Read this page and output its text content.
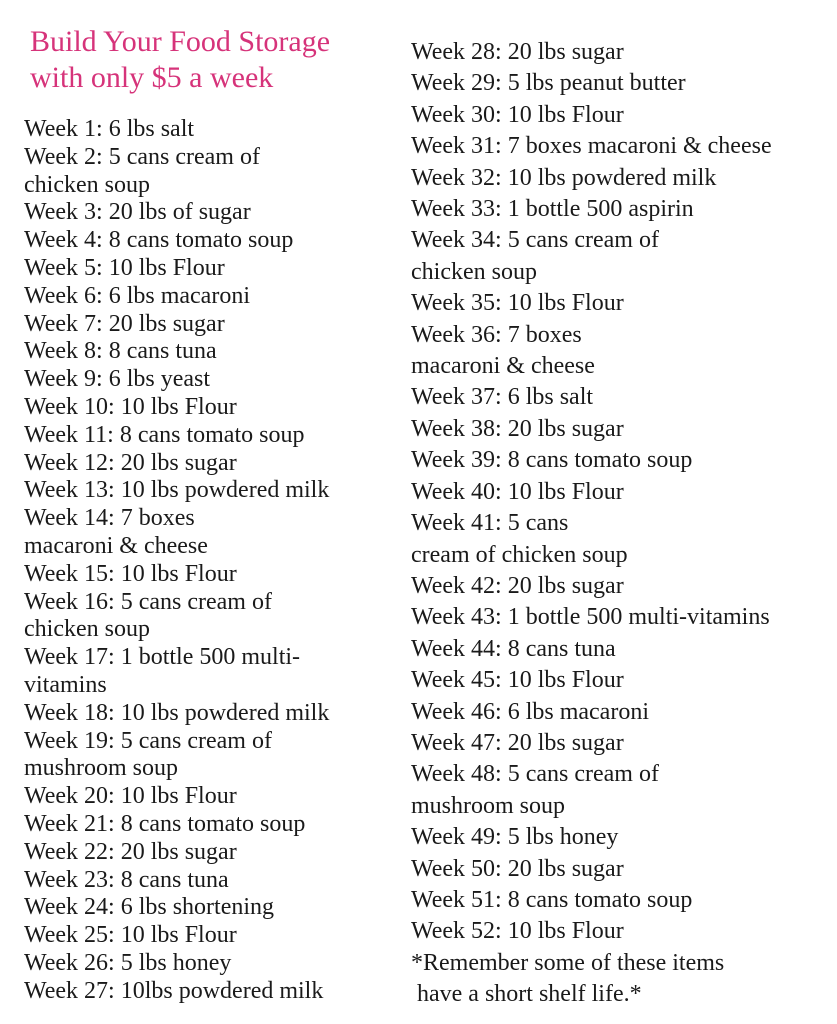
Build Your Food Storage
with only $5 a week
Week 1: 6 lbs salt
Week 2: 5 cans cream of
chicken soup
Week 3: 20 lbs of sugar
Week 4: 8 cans tomato soup
Week 5: 10 lbs Flour
Week 6: 6 lbs macaroni
Week 7: 20 lbs sugar
Week 8: 8 cans tuna
Week 9: 6 lbs yeast
Week 10: 10 lbs Flour
Week 11: 8 cans tomato soup
Week 12: 20 lbs sugar
Week 13: 10 lbs powdered milk
Week 14: 7 boxes
macaroni & cheese
Week 15: 10 lbs Flour
Week 16: 5 cans cream of
chicken soup
Week 17: 1 bottle 500 multi-
vitamins
Week 18: 10 lbs powdered milk
Week 19: 5 cans cream of
mushroom soup
Week 20: 10 lbs Flour
Week 21: 8 cans tomato soup
Week 22: 20 lbs sugar
Week 23: 8 cans tuna
Week 24: 6 lbs shortening
Week 25: 10 lbs Flour
Week 26: 5 lbs honey
Week 27: 10lbs powdered milk
Week 28: 20 lbs sugar
Week 29: 5 lbs peanut butter
Week 30: 10 lbs Flour
Week 31: 7 boxes macaroni & cheese
Week 32: 10 lbs powdered milk
Week 33: 1 bottle 500 aspirin
Week 34: 5 cans cream of
chicken soup
Week 35: 10 lbs Flour
Week 36: 7 boxes
macaroni & cheese
Week 37: 6 lbs salt
Week 38: 20 lbs sugar
Week 39: 8 cans tomato soup
Week 40: 10 lbs Flour
Week 41: 5 cans
cream of chicken soup
Week 42: 20 lbs sugar
Week 43: 1 bottle 500 multi-vitamins
Week 44: 8 cans tuna
Week 45: 10 lbs Flour
Week 46: 6 lbs macaroni
Week 47: 20 lbs sugar
Week 48: 5 cans cream of
mushroom soup
Week 49: 5 lbs honey
Week 50: 20 lbs sugar
Week 51: 8 cans tomato soup
Week 52: 10 lbs Flour
*Remember some of these items
have a short shelf life.*
